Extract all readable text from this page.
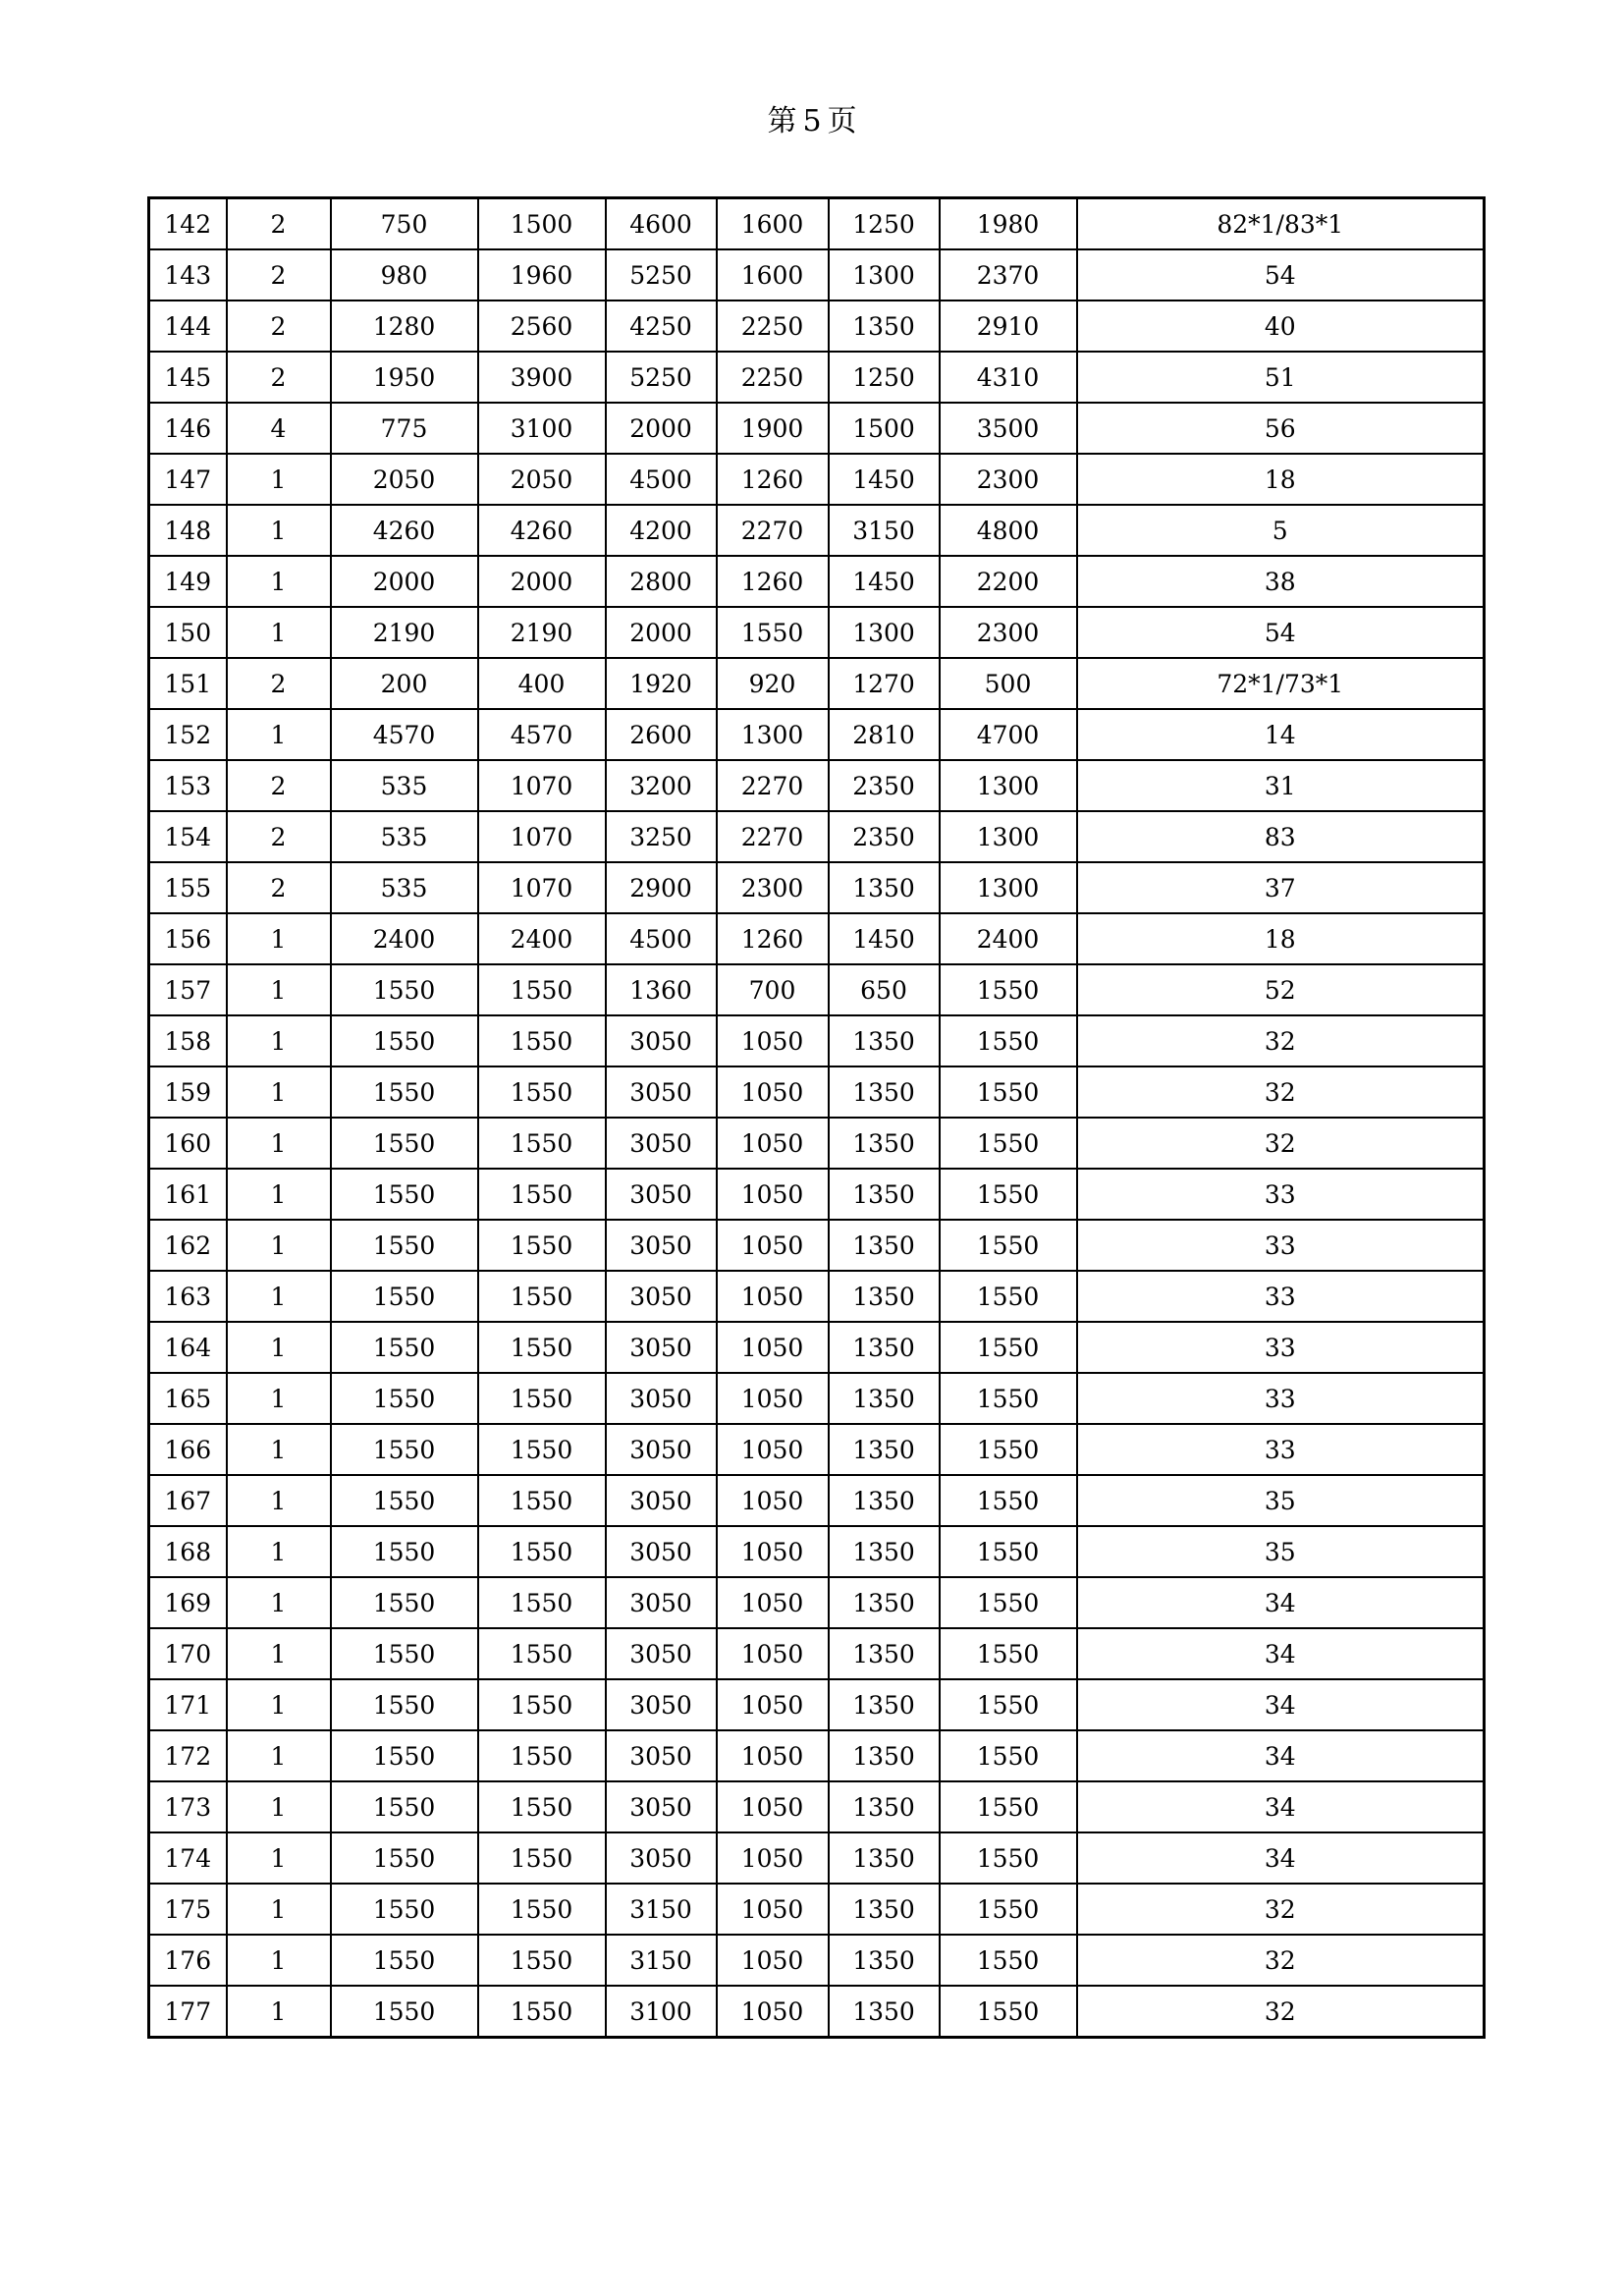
第 5 页
142	2	750	1500	4600	1600	1250	1980	82*1/83*1
143	2	980	1960	5250	1600	1300	2370	54
144	2	1280	2560	4250	2250	1350	2910	40
145	2	1950	3900	5250	2250	1250	4310	51
146	4	775	3100	2000	1900	1500	3500	56
147	1	2050	2050	4500	1260	1450	2300	18
148	1	4260	4260	4200	2270	3150	4800	5
149	1	2000	2000	2800	1260	1450	2200	38
150	1	2190	2190	2000	1550	1300	2300	54
151	2	200	400	1920	920	1270	500	72*1/73*1
152	1	4570	4570	2600	1300	2810	4700	14
153	2	535	1070	3200	2270	2350	1300	31
154	2	535	1070	3250	2270	2350	1300	83
155	2	535	1070	2900	2300	1350	1300	37
156	1	2400	2400	4500	1260	1450	2400	18
157	1	1550	1550	1360	700	650	1550	52
158	1	1550	1550	3050	1050	1350	1550	32
159	1	1550	1550	3050	1050	1350	1550	32
160	1	1550	1550	3050	1050	1350	1550	32
161	1	1550	1550	3050	1050	1350	1550	33
162	1	1550	1550	3050	1050	1350	1550	33
163	1	1550	1550	3050	1050	1350	1550	33
164	1	1550	1550	3050	1050	1350	1550	33
165	1	1550	1550	3050	1050	1350	1550	33
166	1	1550	1550	3050	1050	1350	1550	33
167	1	1550	1550	3050	1050	1350	1550	35
168	1	1550	1550	3050	1050	1350	1550	35
169	1	1550	1550	3050	1050	1350	1550	34
170	1	1550	1550	3050	1050	1350	1550	34
171	1	1550	1550	3050	1050	1350	1550	34
172	1	1550	1550	3050	1050	1350	1550	34
173	1	1550	1550	3050	1050	1350	1550	34
174	1	1550	1550	3050	1050	1350	1550	34
175	1	1550	1550	3150	1050	1350	1550	32
176	1	1550	1550	3150	1050	1350	1550	32
177	1	1550	1550	3100	1050	1350	1550	32
